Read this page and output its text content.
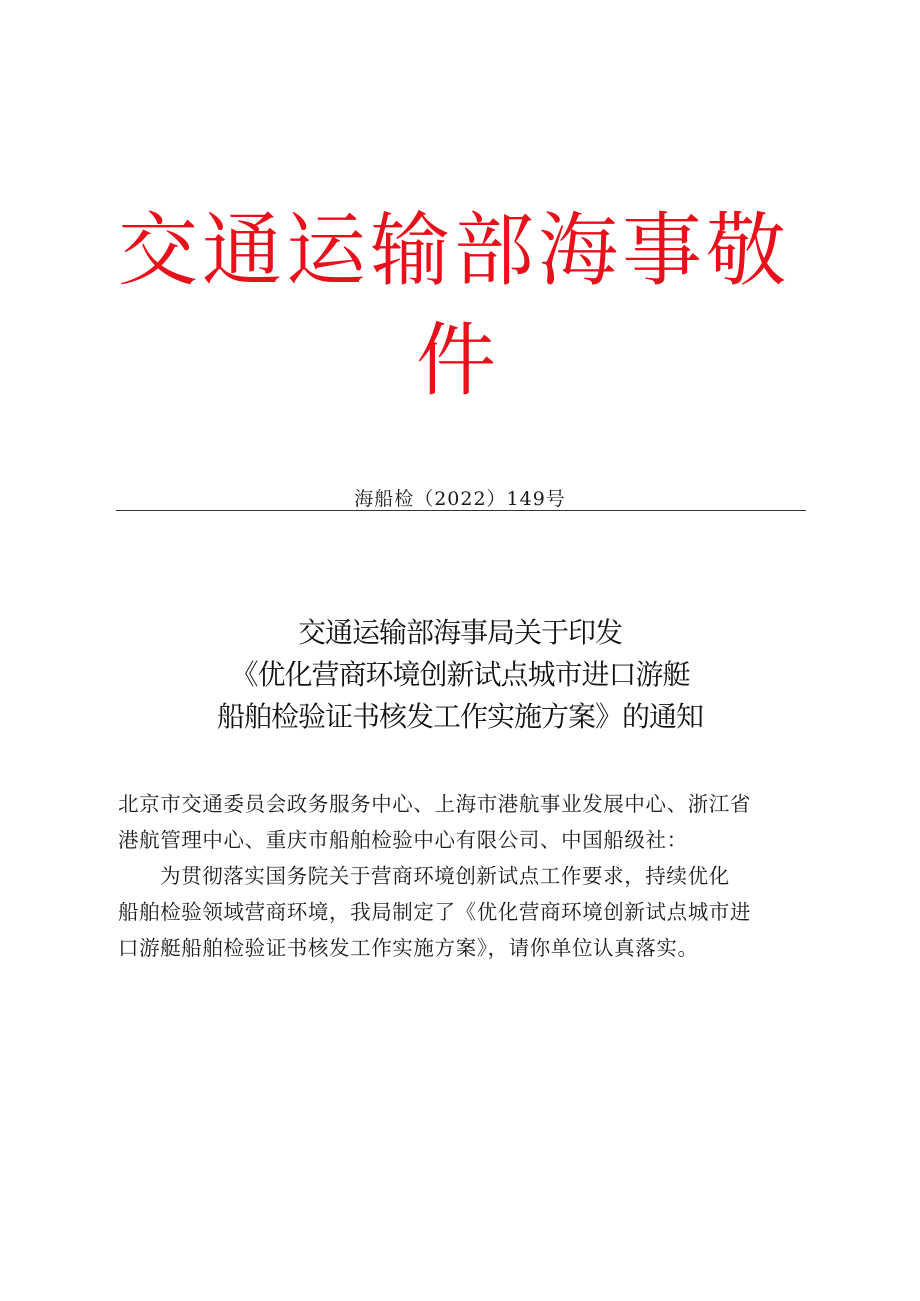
交通运输部海事敬
件
海船检（2022）149号
交通运输部海事局关于印发
《优化营商环境创新试点城市进口游艇
船舶检验证书核发工作实施方案》的通知
北京市交通委员会政务服务中心、上海市港航事业发展中心、浙江省
港航管理中心、重庆市船舶检验中心有限公司、中国船级社：
为贯彻落实国务院关于营商环境创新试点工作要求，持续优化
船舶检验领域营商环境，我局制定了《优化营商环境创新试点城市进
口游艇船舶检验证书核发工作实施方案》，请你单位认真落实。
